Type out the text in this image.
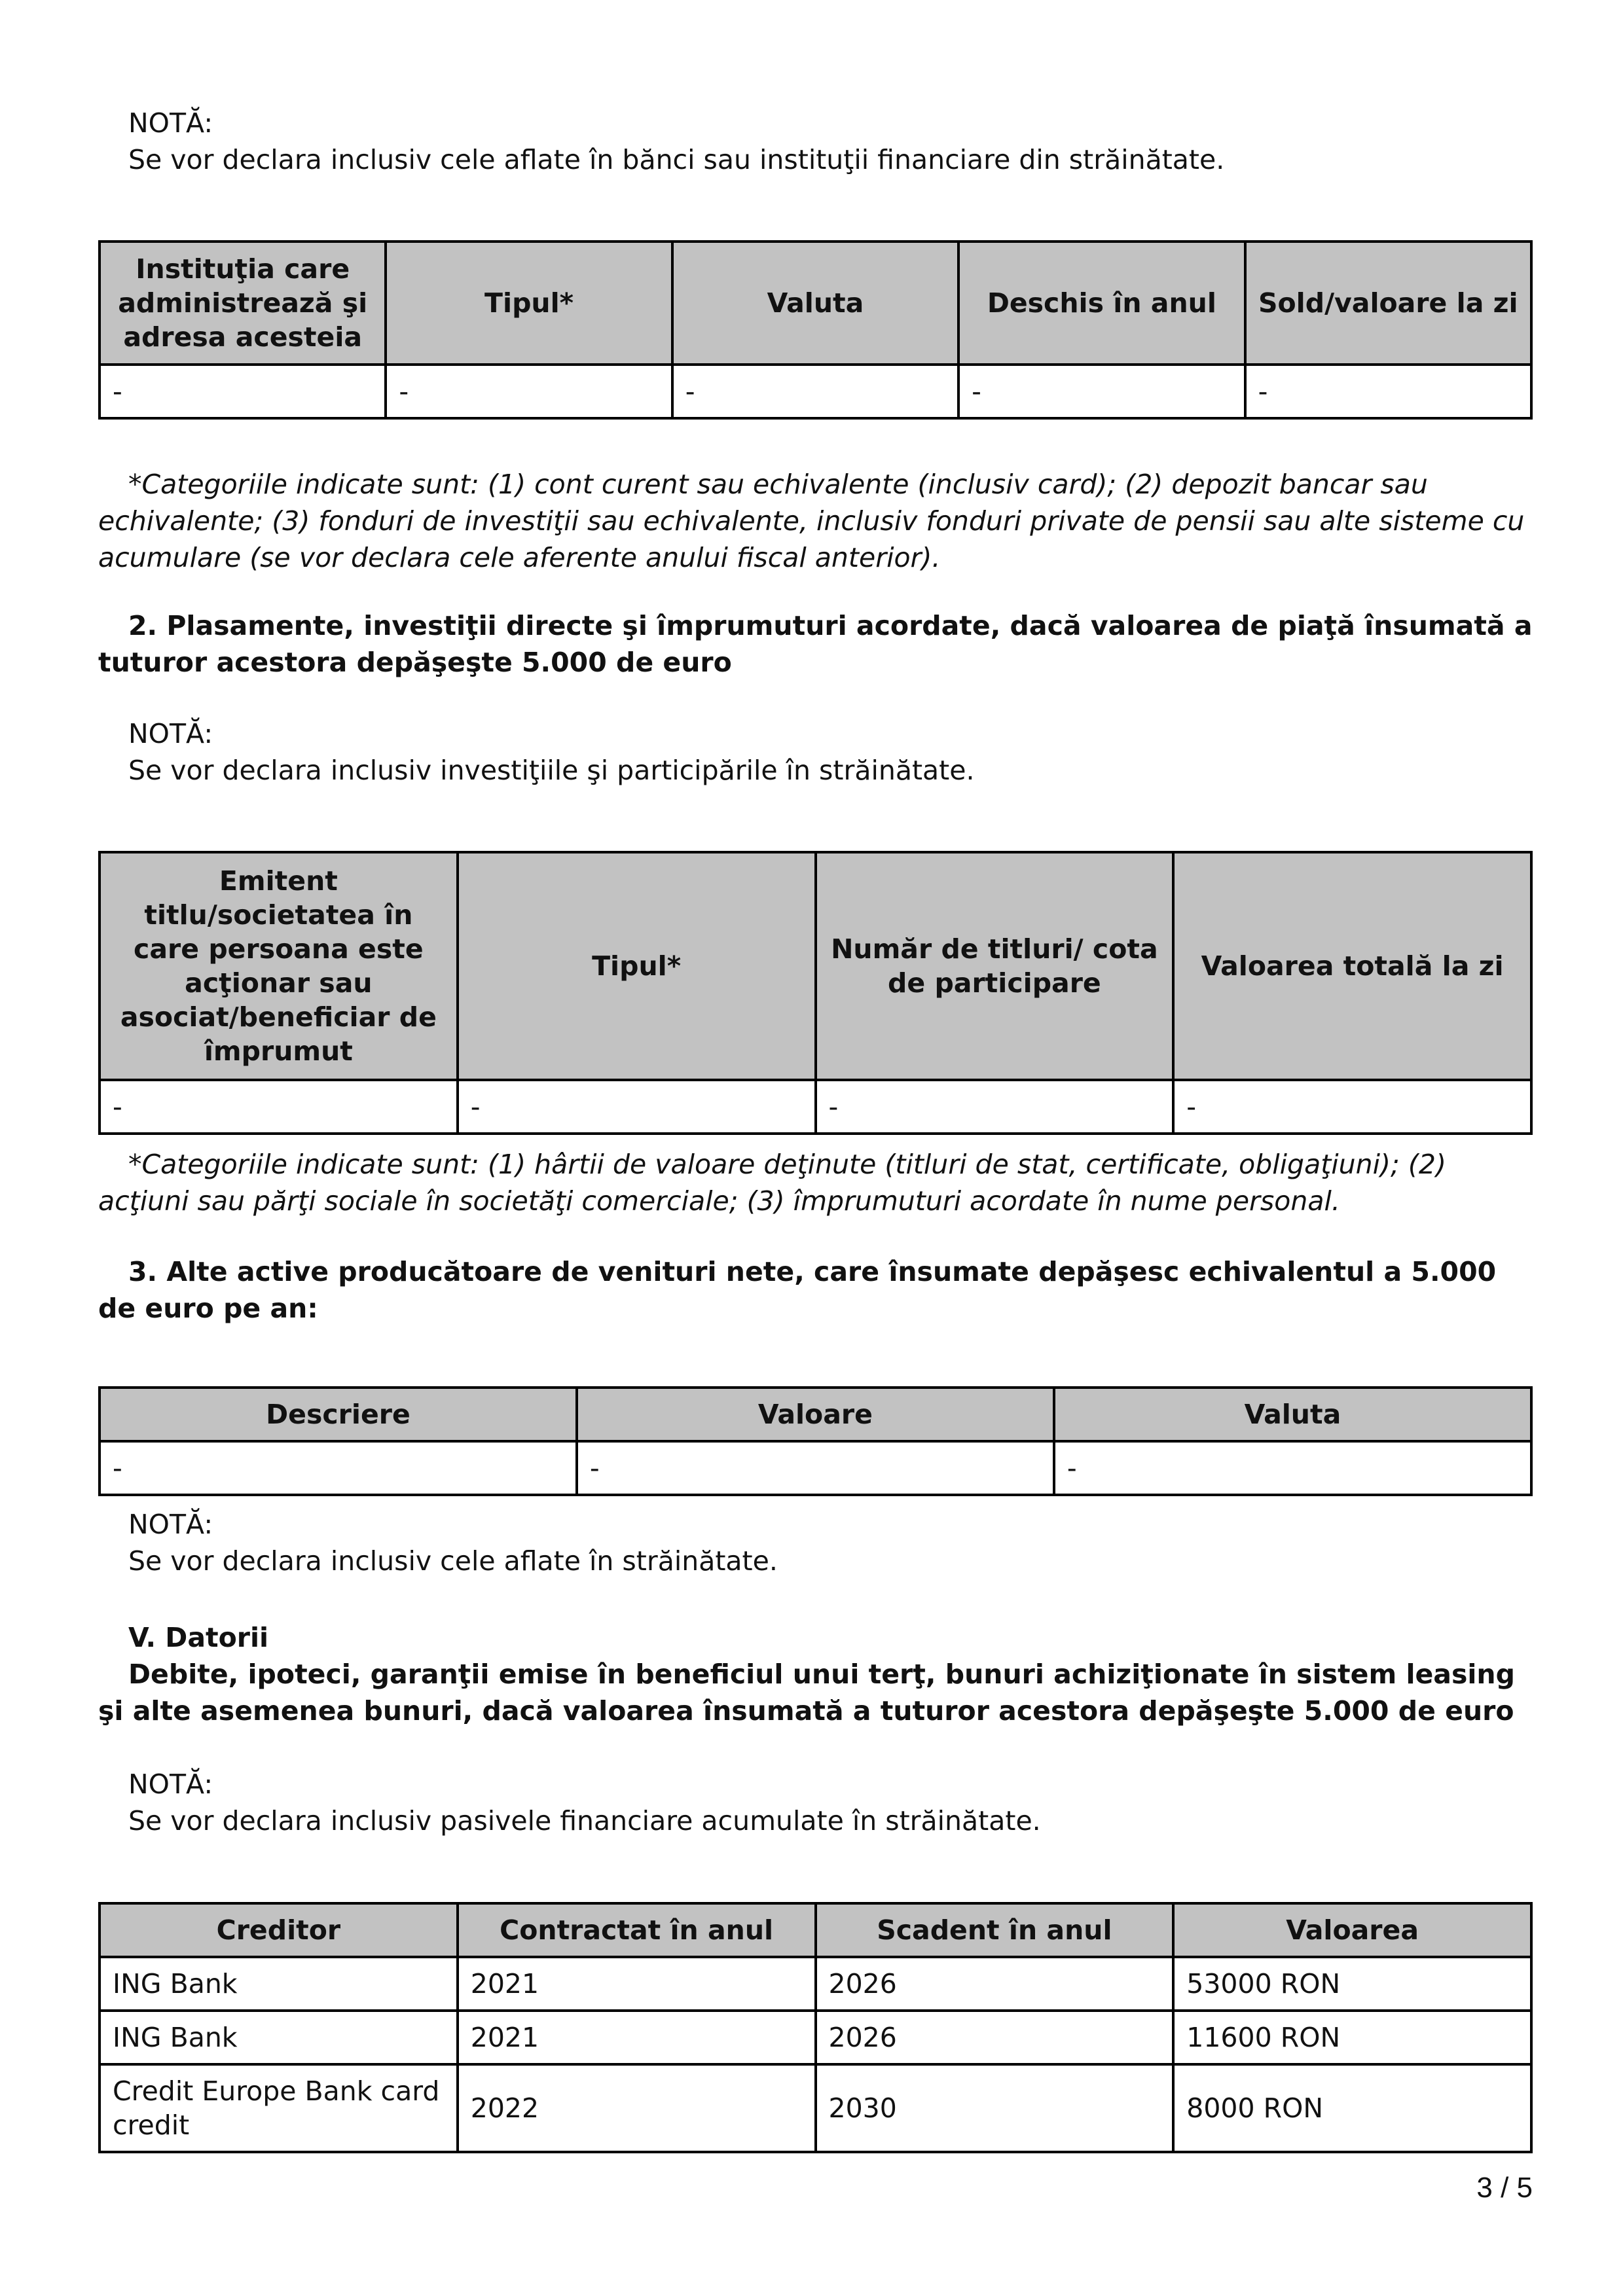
NOTĂ:

Se vor declara inclusiv cele aflate în bănci sau instituţii financiare din străinătate.

Instituţia care administrează şi adresa acesteia	Tipul*	Valuta	Deschis în anul	Sold/valoare la zi
-	-	-	-	-

*Categoriile indicate sunt: (1) cont curent sau echivalente (inclusiv card); (2) depozit bancar sau echivalente; (3) fonduri de investiţii sau echivalente, inclusiv fonduri private de pensii sau alte sisteme cu acumulare (se vor declara cele aferente anului fiscal anterior).

2. Plasamente, investiţii directe şi împrumuturi acordate, dacă valoarea de piaţă însumată a tuturor acestora depăşeşte 5.000 de euro

NOTĂ:

Se vor declara inclusiv investiţiile şi participările în străinătate.

Emitent titlu/societatea în care persoana este acţionar sau asociat/beneficiar de împrumut	Tipul*	Număr de titluri/ cota de participare	Valoarea totală la zi
-	-	-	-

*Categoriile indicate sunt: (1) hârtii de valoare deţinute (titluri de stat, certificate, obligaţiuni); (2) acţiuni sau părţi sociale în societăţi comerciale; (3) împrumuturi acordate în nume personal.

3. Alte active producătoare de venituri nete, care însumate depăşesc echivalentul a 5.000 de euro pe an:

Descriere	Valoare	Valuta
-	-	-

NOTĂ:

Se vor declara inclusiv cele aflate în străinătate.

V. Datorii

Debite, ipoteci, garanţii emise în beneficiul unui terţ, bunuri achiziţionate în sistem leasing şi alte asemenea bunuri, dacă valoarea însumată a tuturor acestora depăşeşte 5.000 de euro

NOTĂ:

Se vor declara inclusiv pasivele financiare acumulate în străinătate.

Creditor	Contractat în anul	Scadent în anul	Valoarea
ING Bank	2021	2026	53000 RON
ING Bank	2021	2026	11600 RON
Credit Europe Bank card credit	2022	2030	8000 RON
3 / 5
